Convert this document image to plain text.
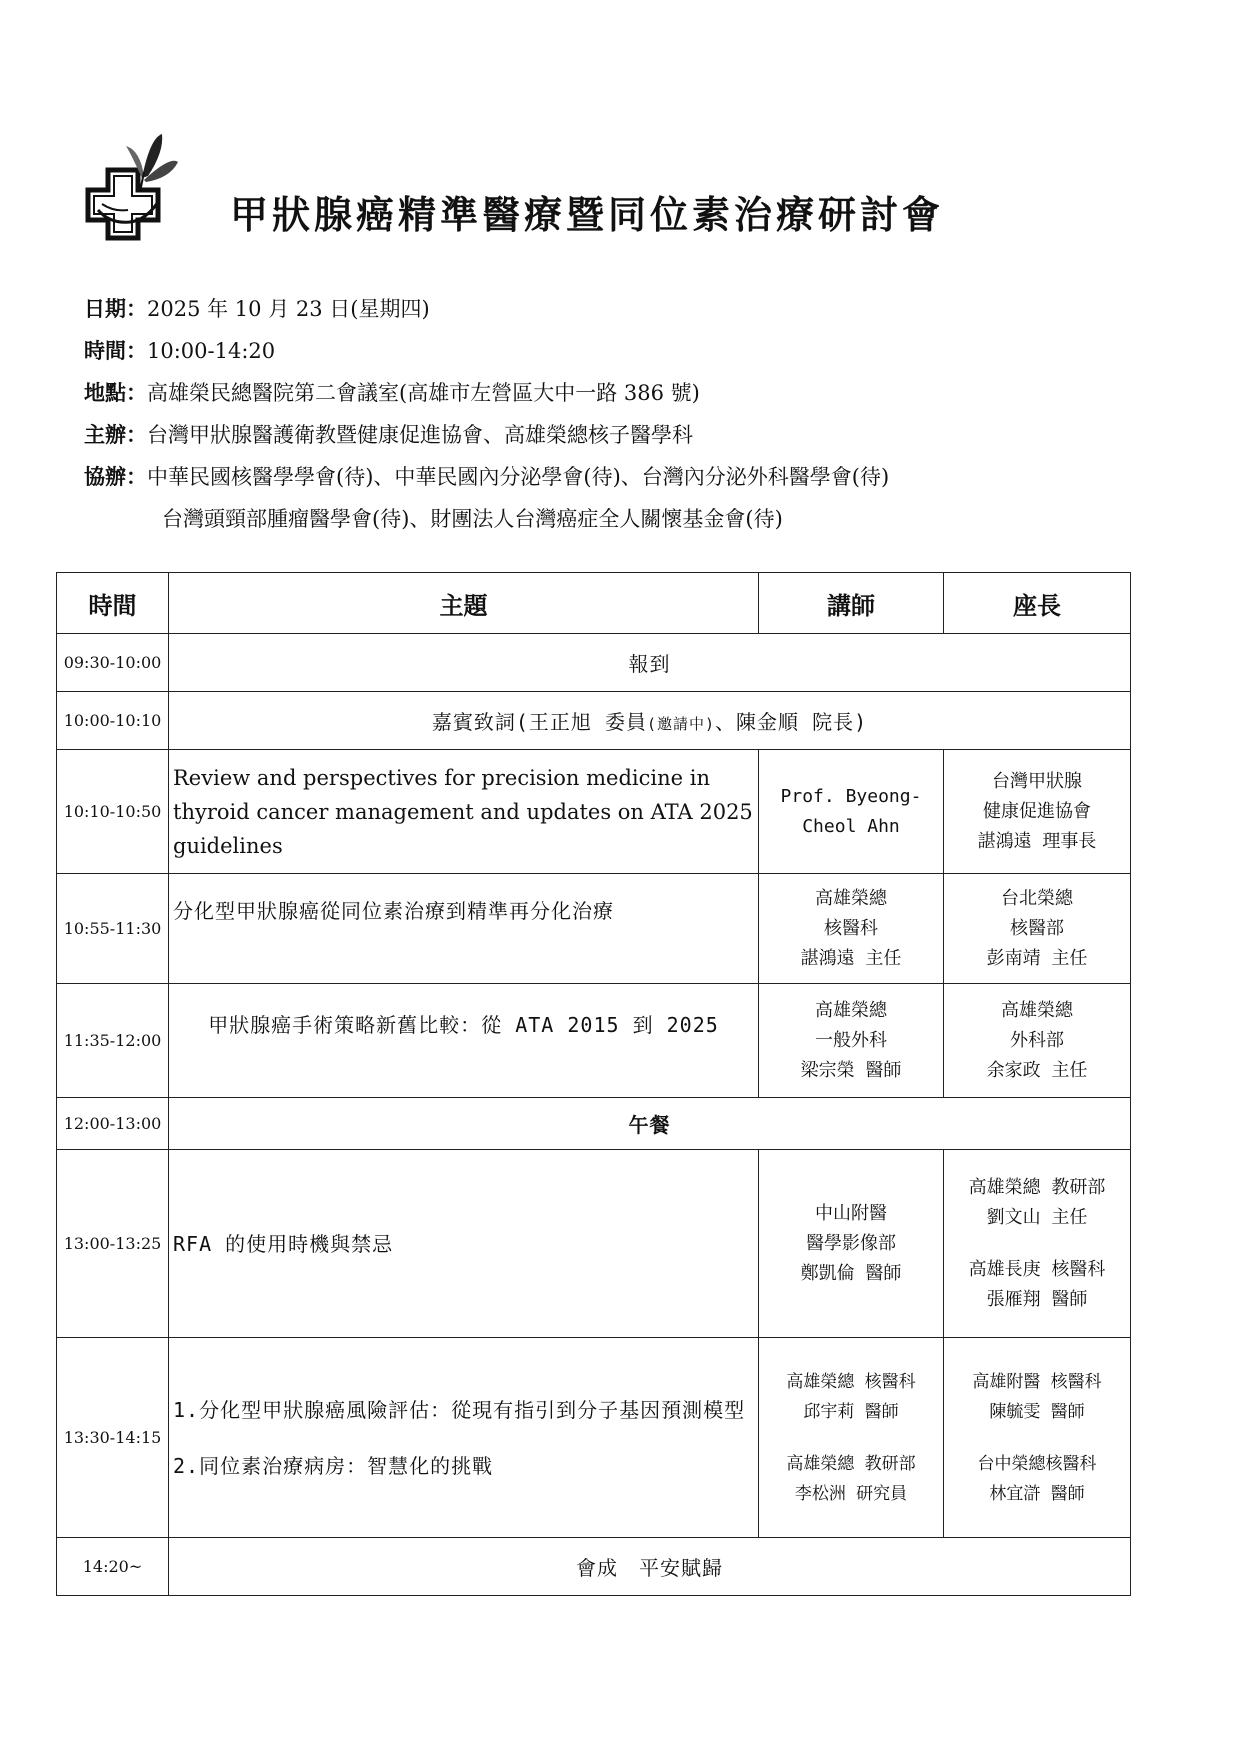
甲狀腺癌精準醫療暨同位素治療研討會
日期：2025 年 10 月 23 日(星期四)
時間：10:00-14:20
地點：高雄榮民總醫院第二會議室(高雄市左營區大中一路 386 號)
主辦：台灣甲狀腺醫護衛教暨健康促進協會、高雄榮總核子醫學科
協辦：中華民國核醫學學會(待)、中華民國內分泌學會(待)、台灣內分泌外科醫學會(待)
台灣頭頸部腫瘤醫學會(待)、財團法人台灣癌症全人關懷基金會(待)
時間	主題	講師	座長
09:30-10:00	報到		
10:00-10:10	嘉賓致詞(王正旭 委員(邀請中)、陳金順 院長)		
10:10-10:50	Review and perspectives for precision medicine in thyroid cancer management and updates on ATA 2025 guidelines	Prof. Byeong-
Cheol Ahn	台灣甲狀腺
健康促進協會
諶鴻遠 理事長

10:55-11:30	分化型甲狀腺癌從同位素治療到精準再分化治療	高雄榮總
核醫科
諶鴻遠 主任	台北榮總
核醫部
彭南靖 主任

11:35-12:00	甲狀腺癌手術策略新舊比較：從 ATA 2015 到 2025	高雄榮總
一般外科
梁宗榮 醫師	高雄榮總
外科部
余家政 主任

12:00-13:00	午餐		
13:00-13:25	RFA 的使用時機與禁忌	中山附醫
醫學影像部
鄭凱倫 醫師	高雄榮總 教研部
劉文山 主任
高雄長庚 核醫科
張雁翔 醫師

13:30-14:15	1.分化型甲狀腺癌風險評估：從現有指引到分子基因預測模型
2.同位素治療病房：智慧化的挑戰	高雄榮總 核醫科
邱宇莉 醫師
高雄榮總 教研部
李松洲 研究員	高雄附醫 核醫科
陳毓雯 醫師
台中榮總核醫科
林宜滸 醫師

14:20~	會成　平安賦歸		
